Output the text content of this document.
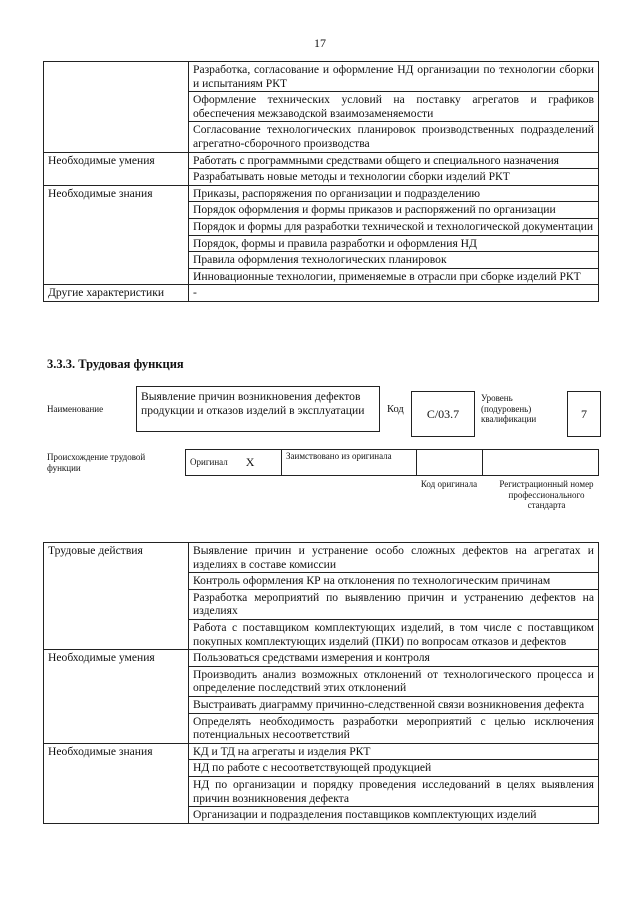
17
	Разработка, согласование и оформление НД организации по технологии сборки и испытаниям РКТ
	Оформление технических условий на поставку агрегатов и графиков обеспечения межзаводской взаимозаменяемости
	Согласование технологических планировок производственных подразделений агрегатно-сборочного производства
Необходимые умения	Работать с программными средствами общего и специального назначения
	Разрабатывать новые методы и технологии сборки изделий РКТ
Необходимые знания	Приказы, распоряжения по организации и подразделению
	Порядок оформления и формы приказов и распоряжений по организации
	Порядок и формы для разработки технической и технологической документации
	Порядок, формы и правила разработки и оформления НД
	Правила оформления технологических планировок
	Инновационные технологии, применяемые в отрасли при сборке изделий РКТ
Другие характеристики	-
3.3.3. Трудовая функция
Наименование
Выявление причин возникновения дефектов продукции и отказов изделий в эксплуатации	Код	С/03.7
Уровень (подуровень) квалификации	7
Происхождение трудовой функции
Оригинал X	Заимствовано из оригинала
Код оригинала	Регистрационный номер профессионального стандарта
Трудовые действия	Выявление причин и устранение особо сложных дефектов на агрегатах и изделиях в составе комиссии
	Контроль оформления КР на отклонения по технологическим причинам
	Разработка мероприятий по выявлению причин и устранению дефектов на изделиях
	Работа с поставщиком комплектующих изделий, в том числе с поставщиком покупных комплектующих изделий (ПКИ) по вопросам отказов и дефектов
Необходимые умения	Пользоваться средствами измерения и контроля
	Производить анализ возможных отклонений от технологического процесса и определение последствий этих отклонений
	Выстраивать диаграмму причинно-следственной связи возникновения дефекта
	Определять необходимость разработки мероприятий с целью исключения потенциальных несоответствий
Необходимые знания	КД и ТД на агрегаты и изделия РКТ
	НД по работе с несоответствующей продукцией
	НД по организации и порядку проведения исследований в целях выявления причин возникновения дефекта
	Организации и подразделения поставщиков комплектующих изделий
